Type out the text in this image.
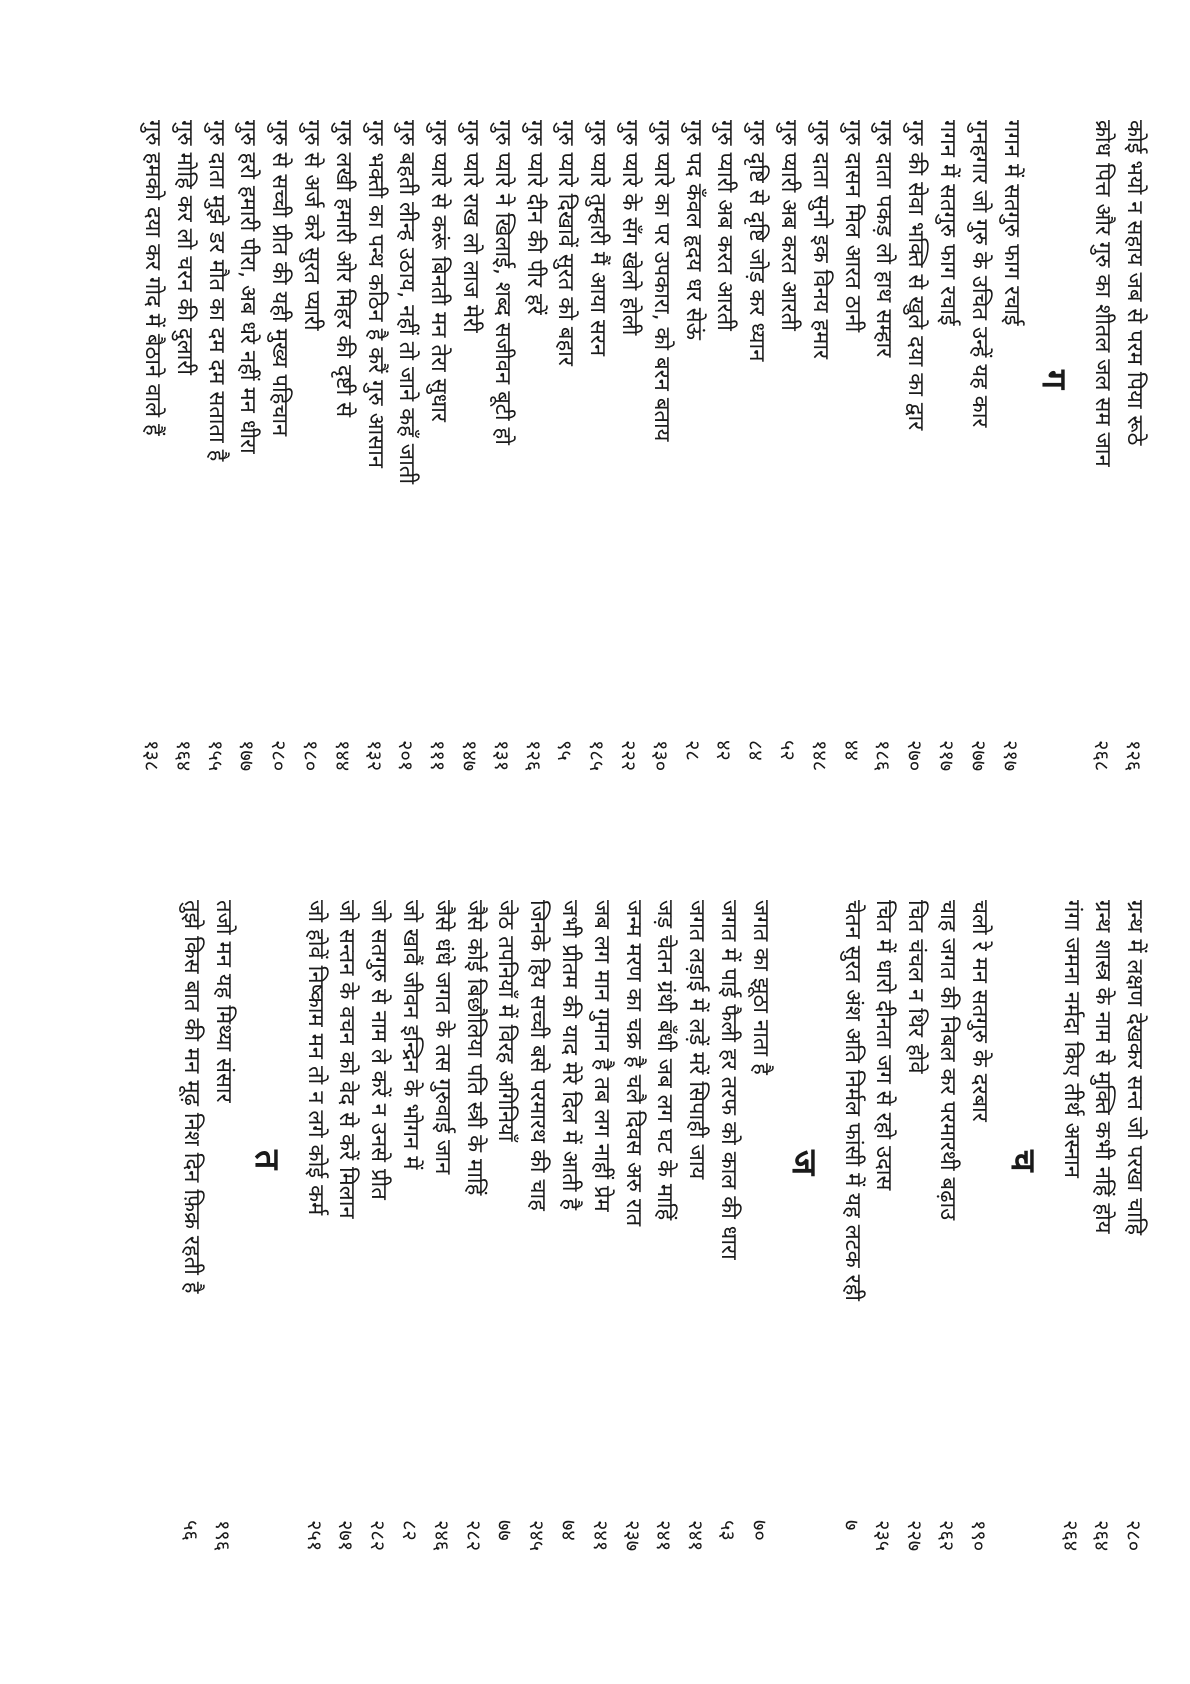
कोई भयो न सहाय जब से परम पिया रूठे
१२६
क्रोध पित्त और गुरु का शीतल जल सम जान
२६८
ग
गगन में सतगुरु फाग रचाई
२१७
गुनहगार जो गुरु के उचित उन्हें यह कार
२७७
गगन में सतगुरु फाग रचाई
२१७
गुरु की सेवा भक्ति से खुले दया का द्वार
२७०
गुरु दाता पकड़ लो हाथ सम्हार
१८६
गुरु दासन मिल आरत ठानी
४४
गुरु दाता सुनो इक विनय हमार
१४८
गुरु प्यारी अब करत आरती
५२
गुरु दृष्टि से दृष्टि जोड़ कर ध्यान
८४
गुरु प्यारी अब करत आरती
४२
गुरु पद कँवल हृदय धर सेऊं
२८
गुरु प्यारे का पर उपकारा, को बरन बताय
१३०
गुरु प्यारे के सँग खेलो होली
२२२
गुरु प्यारे तुम्हारी मैं आया सरन
१८५
गुरु प्यारे दिखावें सुरत को बहार
९५
गुरु प्यारे दीन की पीर हरें
१२६
गुरु प्यारे ने खिलाई, शब्द सजीवन बूटी हो
१३१
गुरु प्यारे राख लो लाज मेरी
१४७
गुरु प्यारे से करूं बिनती मन तेरा सुधार
१११
गुरु बहती लीन्ह उठाय, नहीं तो जाने कहँ जाती
२०१
गुरु भक्ती का पन्थ कठिन है करैं गुरु आसान
१३२
गुरु लखी हमारी ओर मिहर की दृष्टी से
१४४
गुरु से अर्ज करे सुरत प्यारी
१८०
गुरु से सच्ची प्रीत की यही मुख्य पहिचान
२८०
गुरु हरो हमारी पीरा, अब धरे नहीं मन धीरा
१७७
गुरु दाता मुझे डर मौत का दम दम सताता है
१५५
गुरु मोहि कर लो चरन की दुलारी
१६४
गुरु हमको दया कर गोद में बैठाने वाले हैं
१३८
ग्रन्थ में लक्षण देखकर सन्त जो परखा चाहि
२८०
ग्रन्थ शास्त्र के नाम से मुक्ति कभी नहिं होय
२६४
गंगा जमना नर्मदा किए तीर्थ अस्नान
२६४
च
चलो रे मन सतगुरु के दरबार
१९०
चाह जगत की निबल कर परमारथी बढ़ाउ
२६२
चित चंचल न थिर होवे
२२७
चित में धारो दीनता जग से रहो उदास
२३५
चेतन सुरत अंश अति निर्मल फांसी में यह लटक रही
७
ज
जगत का झूठा नाता है
७०
जगत में पाई फैली हर तरफ को काल की धारा
५३
जगत लड़ाई में लड़ें मरें सिपाही जाय
२४१
जड़ चेतन ग्रंथी बँधी जब लग घट के माहिं
२४१
जन्म मरण का चक्र है चलै दिवस अरु रात
२३७
जब लग मान गुमान है तब लग नाहीं प्रेम
२४१
जभी प्रीतम की याद मेरे दिल में आती है
७४
जिनके हिय सच्ची बसे परमारथ की चाह
२४५
जेठ तपनियाँ में विरह अगिनियाँ
७७
जैसे कोई बिछौलिया पति स्त्री के माहिं
२८२
जैसे धंधे जगत के तस गुरुवाई जान
२४६
जो खावैं जीवन इन्द्रिन के भोगन में
८२
जो सतगुरु से नाम ले करें न उनसे प्रीत
२८२
जो सन्तन के वचन को वेद से करें मिलान
२७१
जो होवें निष्काम मन तो न लगे कोई कर्म
२५१
त
तजो मन यह मिथ्या संसार
१९६
तुझे किस बात की मन मूढ़ निश दिन फ़िक्र रहती है
५६
